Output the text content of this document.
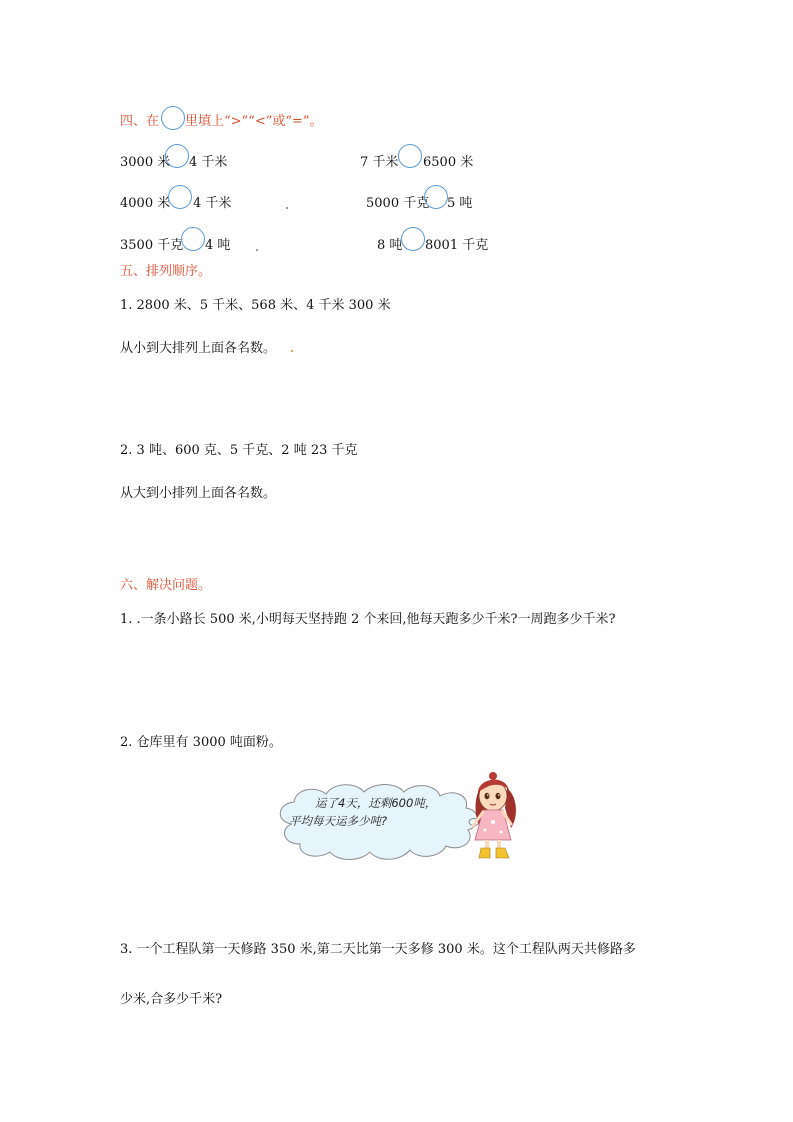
四、在 里填上“>”“<”或“=”。
3000 米 4 千米	7 千米 6500 米
4000 米 4 千米	5000 千克 5 吨
3500 千克 4 吨	8 吨 8001 千克
五、排列顺序。
1. 2800 米、5 千米、568 米、4 千米 300 米
从小到大排列上面各名数。
2. 3 吨、600 克、5 千克、2 吨 23 千克
从大到小排列上面各名数。
六、解决问题。
1. .一条小路长 500 米,小明每天坚持跑 2 个来回,他每天跑多少千米?一周跑多少千米?
2. 仓库里有 3000 吨面粉。
运了4天，还剩600吨，
平均每天运多少吨?
3. 一个工程队第一天修路 350 米,第二天比第一天多修 300 米。这个工程队两天共修路多
少米,合多少千米?
